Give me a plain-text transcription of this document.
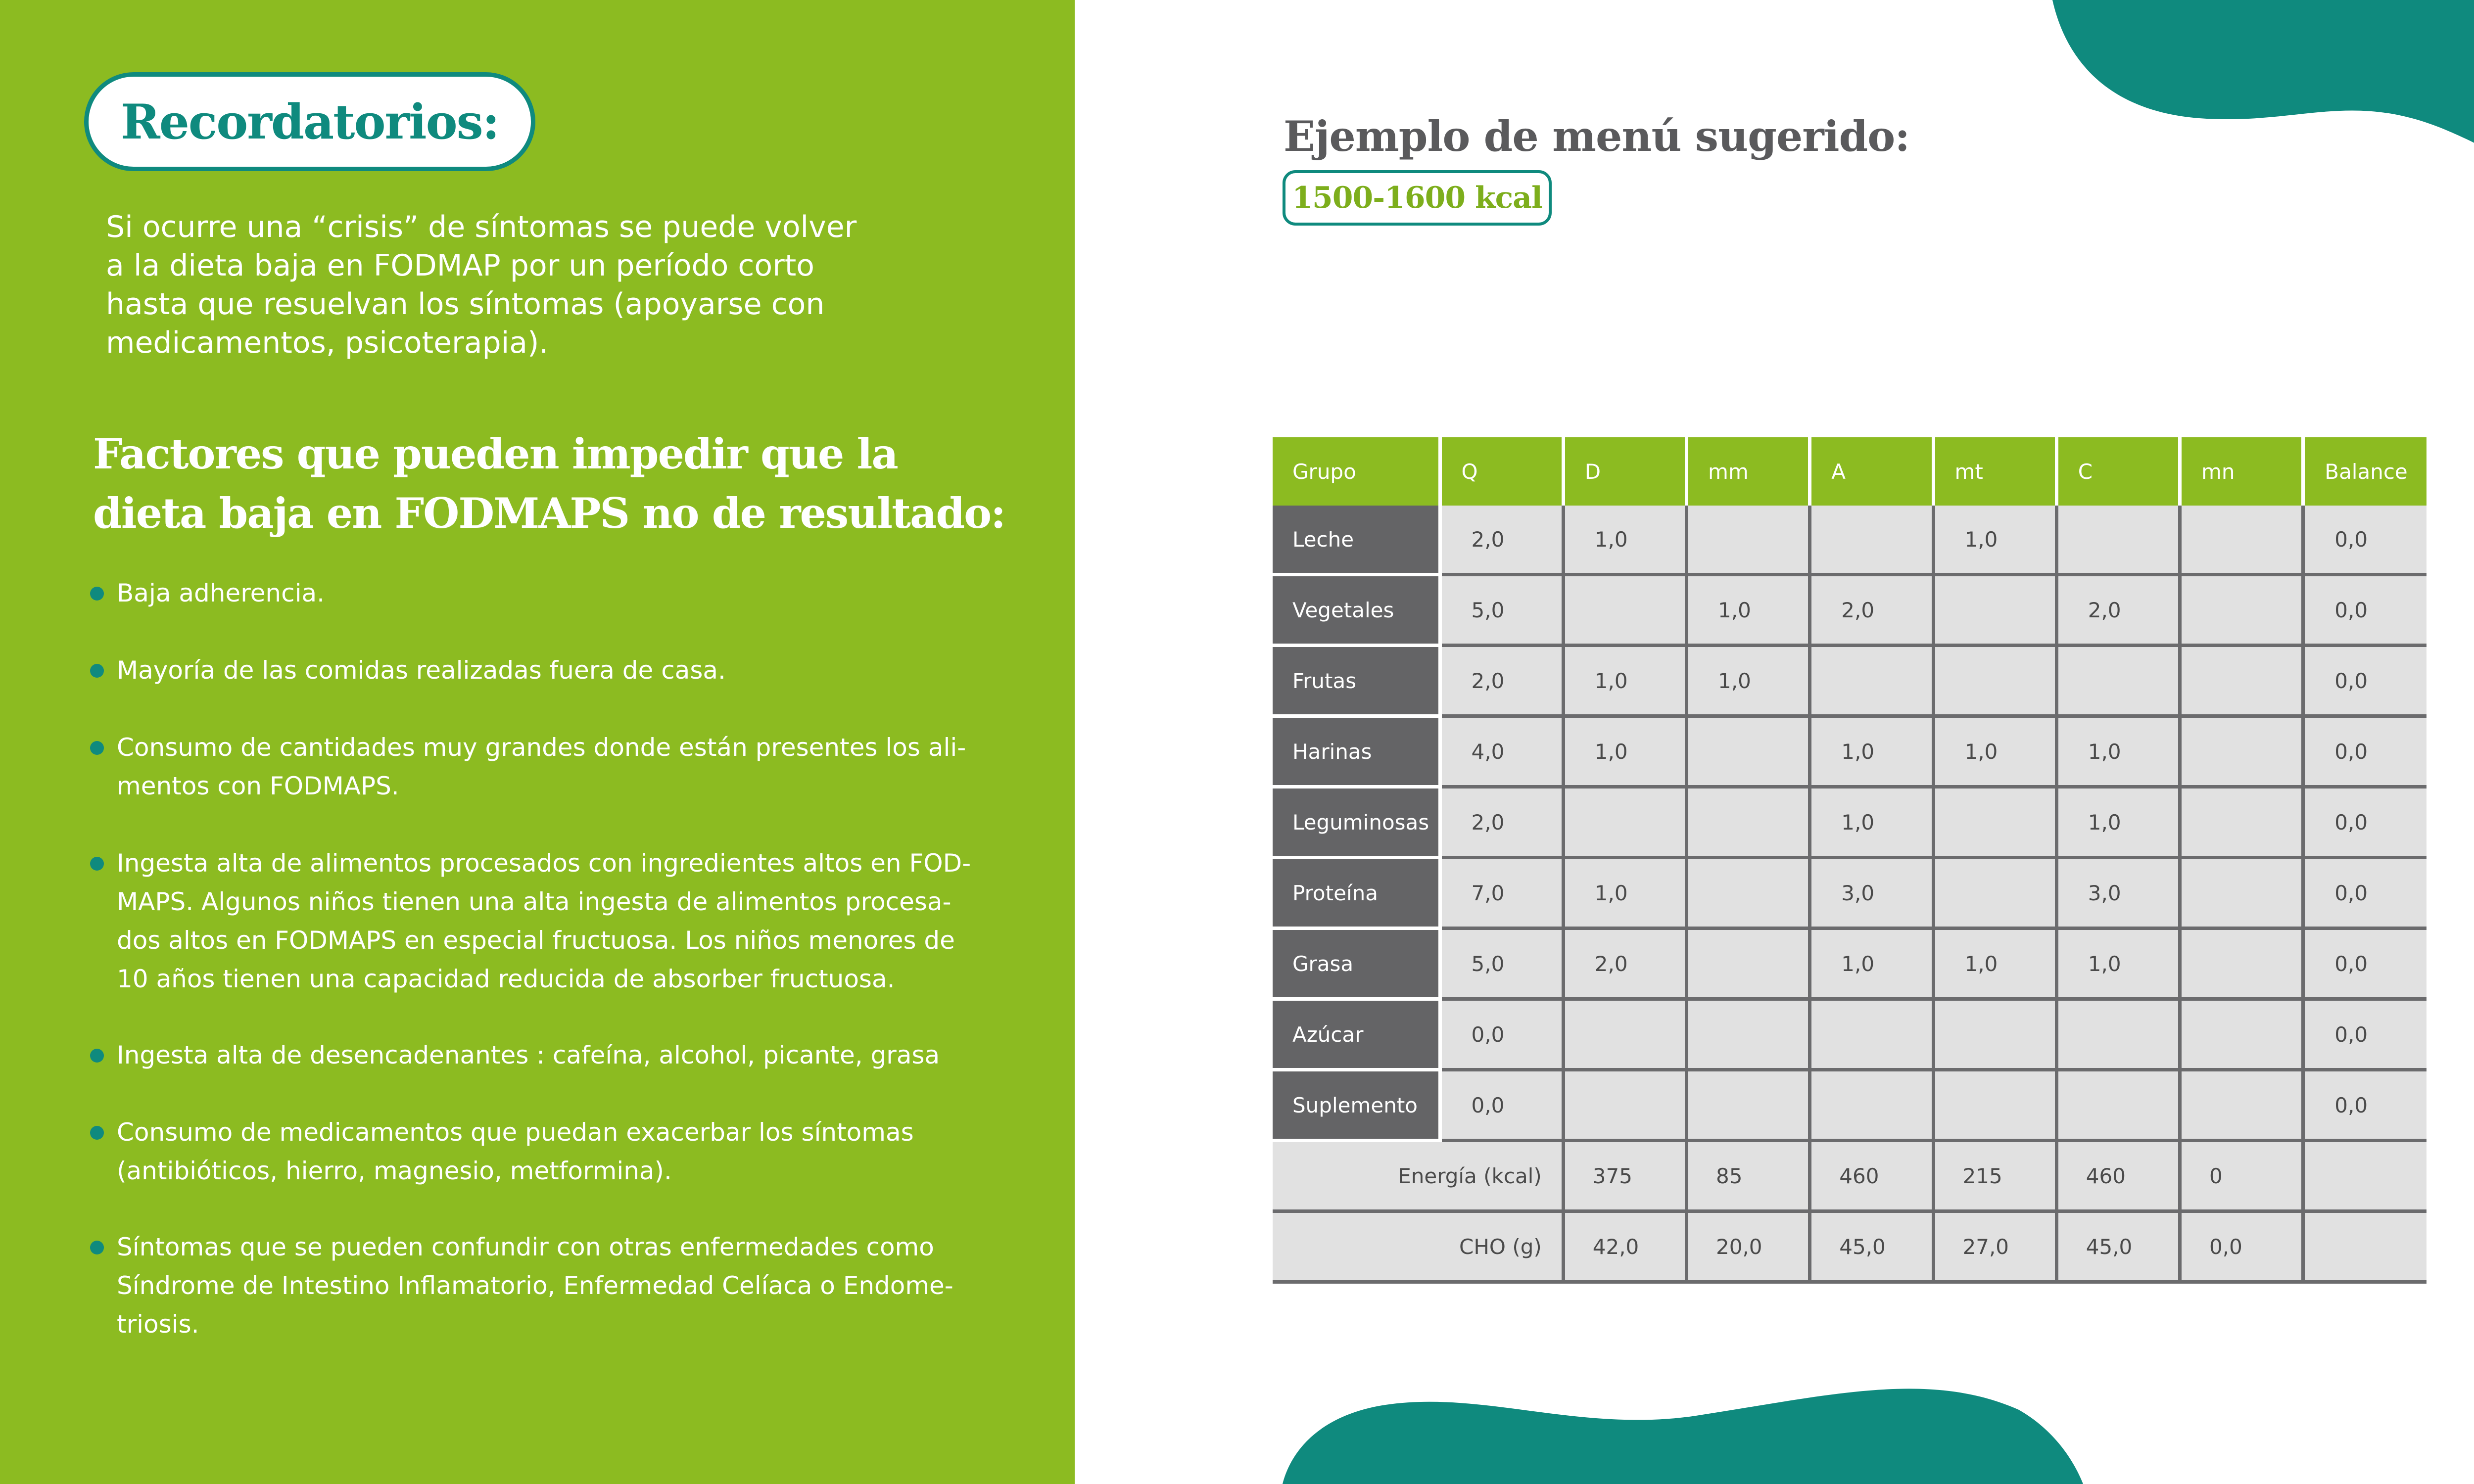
Recordatorios:
Si ocurre una “crisis” de síntomas se puede volver
a la dieta baja en FODMAP por un período corto
hasta que resuelvan los síntomas (apoyarse con
medicamentos, psicoterapia).
Factores que pueden impedir que la
dieta baja en FODMAPS no de resultado:
Baja adherencia.
Mayoría de las comidas realizadas fuera de casa.
Consumo de cantidades muy grandes donde están presentes los ali-
mentos con FODMAPS.
Ingesta alta de alimentos procesados con ingredientes altos en FOD-
MAPS. Algunos niños tienen una alta ingesta de alimentos procesa-
dos altos en FODMAPS en especial fructuosa. Los niños menores de
10 años tienen una capacidad reducida de absorber fructuosa.
Ingesta alta de desencadenantes : cafeína, alcohol, picante, grasa
Consumo de medicamentos que puedan exacerbar los síntomas
(antibióticos, hierro, magnesio, metformina).
Síntomas que se pueden confundir con otras enfermedades como
Síndrome de Intestino Inflamatorio, Enfermedad Celíaca o Endome-
triosis.
Ejemplo de menú sugerido:
1500-1600 kcal
Grupo	Q	D	mm	A	mt	C	mn	Balance
Leche	2,0	1,0			1,0			0,0
Vegetales	5,0		1,0	2,0		2,0		0,0
Frutas	2,0	1,0	1,0					0,0
Harinas	4,0	1,0		1,0	1,0	1,0		0,0
Leguminosas	2,0			1,0		1,0		0,0
Proteína	7,0	1,0		3,0		3,0		0,0
Grasa	5,0	2,0		1,0	1,0	1,0		0,0
Azúcar	0,0							0,0
Suplemento	0,0							0,0
Energía (kcal)		375	85	460	215	460	0	
CHO (g)		42,0	20,0	45,0	27,0	45,0	0,0	
